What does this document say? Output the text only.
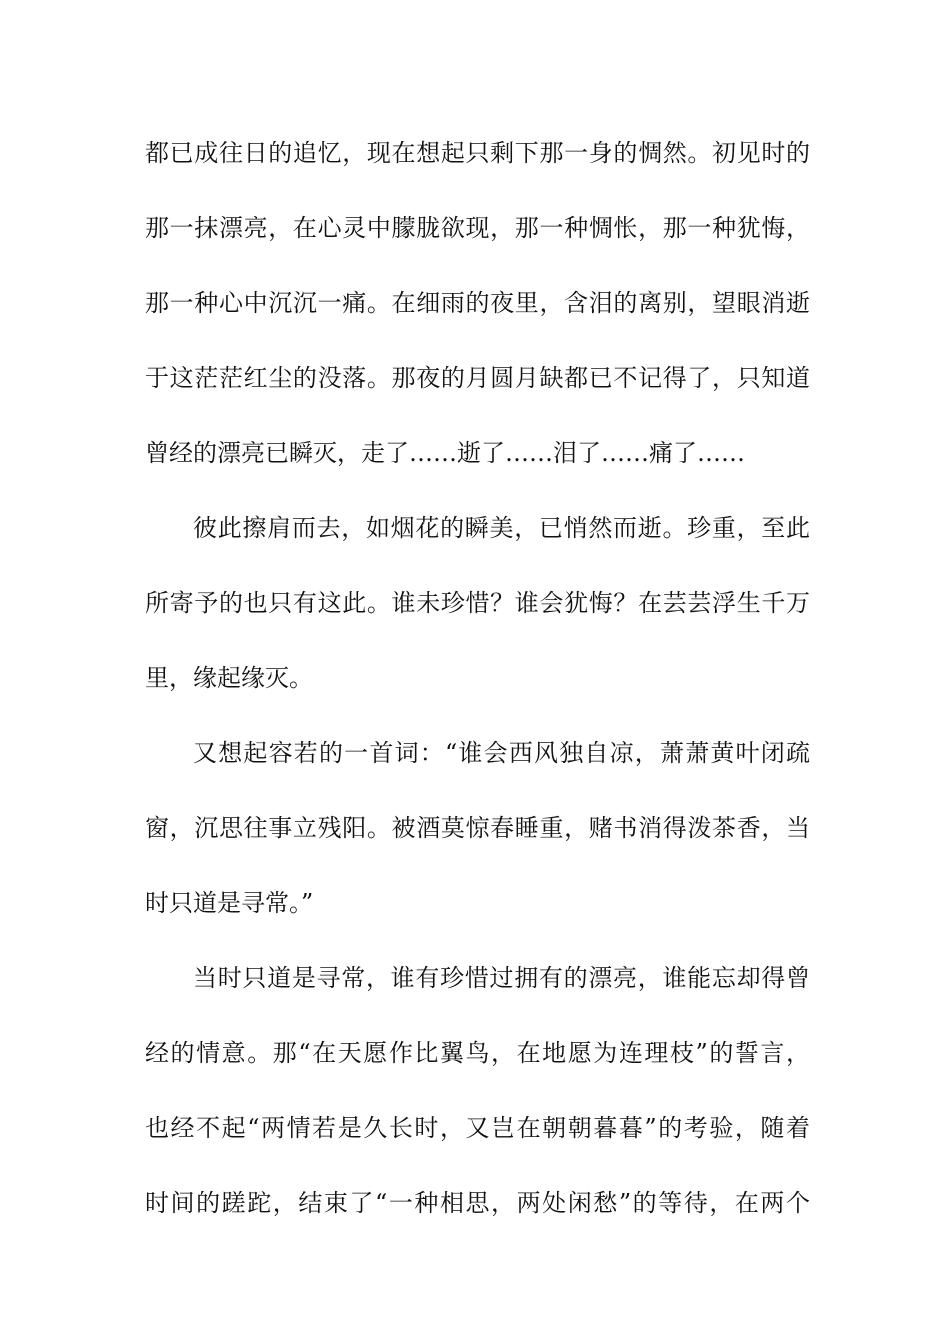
都已成往日的追忆，现在想起只剩下那一身的惆然。初见时的
那一抹漂亮，在心灵中朦胧欲现，那一种惆怅，那一种犹悔，
那一种心中沉沉一痛。在细雨的夜里，含泪的离别，望眼消逝
于这茫茫红尘的没落。那夜的月圆月缺都已不记得了，只知道
曾经的漂亮已瞬灭，走了……逝了……泪了……痛了……
彼此擦肩而去，如烟花的瞬美，已悄然而逝。珍重，至此
所寄予的也只有这此。谁未珍惜？谁会犹悔？在芸芸浮生千万
里，缘起缘灭。
又想起容若的一首词：“谁会西风独自凉，萧萧黄叶闭疏
窗，沉思往事立残阳。被酒莫惊春睡重，赌书消得泼茶香，当
时只道是寻常。”
当时只道是寻常，谁有珍惜过拥有的漂亮，谁能忘却得曾
经的情意。那“在天愿作比翼鸟，在地愿为连理枝”的誓言，
也经不起“两情若是久长时，又岂在朝朝暮暮”的考验，随着
时间的蹉跎，结束了“一种相思，两处闲愁”的等待，在两个
